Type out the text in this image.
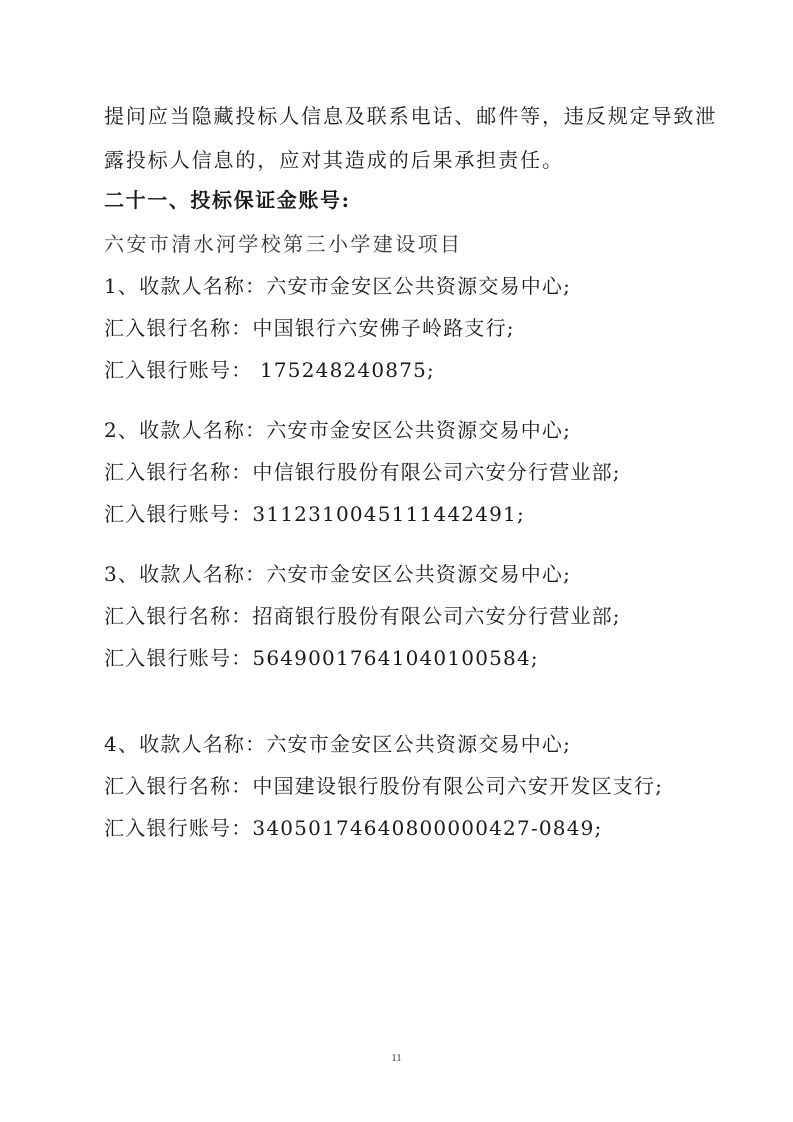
提问应当隐藏投标人信息及联系电话、邮件等，违反规定导致泄
露投标人信息的，应对其造成的后果承担责任。
二十一、投标保证金账号:
六安市清水河学校第三小学建设项目
1、收款人名称：六安市金安区公共资源交易中心;
汇入银行名称：中国银行六安佛子岭路支行;
汇入银行账号： 175248240875;
2、收款人名称：六安市金安区公共资源交易中心;
汇入银行名称：中信银行股份有限公司六安分行营业部;
汇入银行账号：3112310045111442491;
3、收款人名称：六安市金安区公共资源交易中心;
汇入银行名称：招商银行股份有限公司六安分行营业部;
汇入银行账号：564900176410401005​84;
4、收款人名称：六安市金安区公共资源交易中心;
汇入银行名称：中国建设银行股份有限公司六安开发区支行;
汇入银行账号：34050174640800000427-0849;
11
